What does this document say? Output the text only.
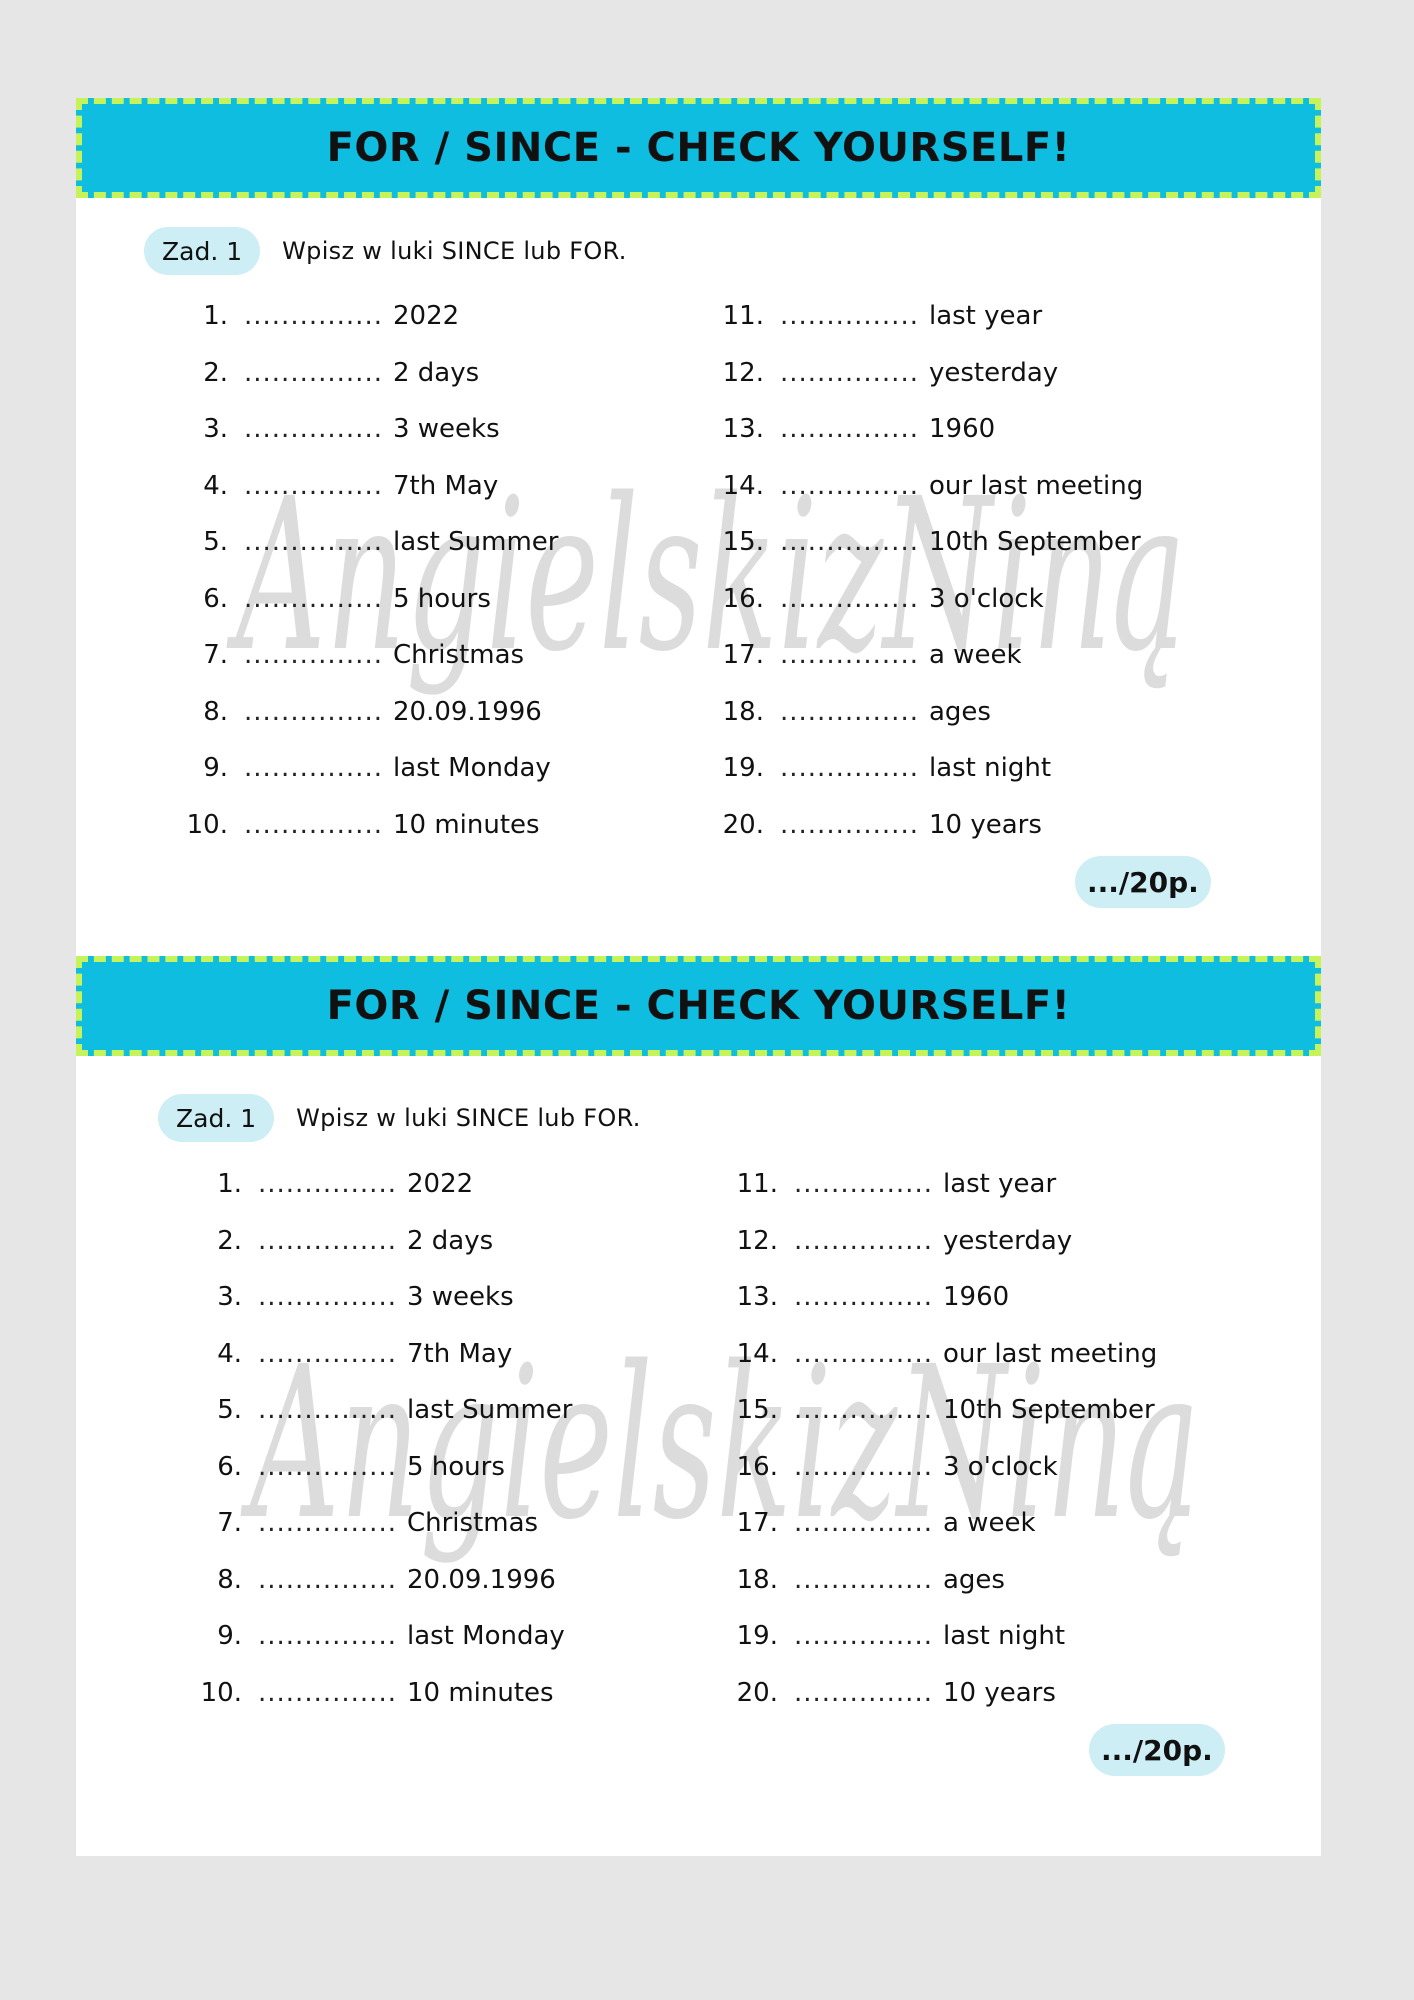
FOR / SINCE - CHECK YOURSELF!
Zad. 1	Wpisz w luki SINCE lub FOR.
.../20p.
AngielskizNiną
1. ............... 2022
2. ............... 2 days
3. ............... 3 weeks
4. ............... 7th May
5. ............... last Summer
6. ............... 5 hours
7. ............... Christmas
8. ............... 20.09.1996
9. ............... last Monday
10. ............... 10 minutes
11. ............... last year
12. ............... yesterday
13. ............... 1960
14. ............... our last meeting
15. ............... 10th September
16. ............... 3 o'clock
17. ............... a week
18. ............... ages
19. ............... last night
20. ............... 10 years
FOR / SINCE - CHECK YOURSELF!
Zad. 1	Wpisz w luki SINCE lub FOR.
.../20p.
AngielskizNiną
1. ............... 2022
2. ............... 2 days
3. ............... 3 weeks
4. ............... 7th May
5. ............... last Summer
6. ............... 5 hours
7. ............... Christmas
8. ............... 20.09.1996
9. ............... last Monday
10. ............... 10 minutes
11. ............... last year
12. ............... yesterday
13. ............... 1960
14. ............... our last meeting
15. ............... 10th September
16. ............... 3 o'clock
17. ............... a week
18. ............... ages
19. ............... last night
20. ............... 10 years
